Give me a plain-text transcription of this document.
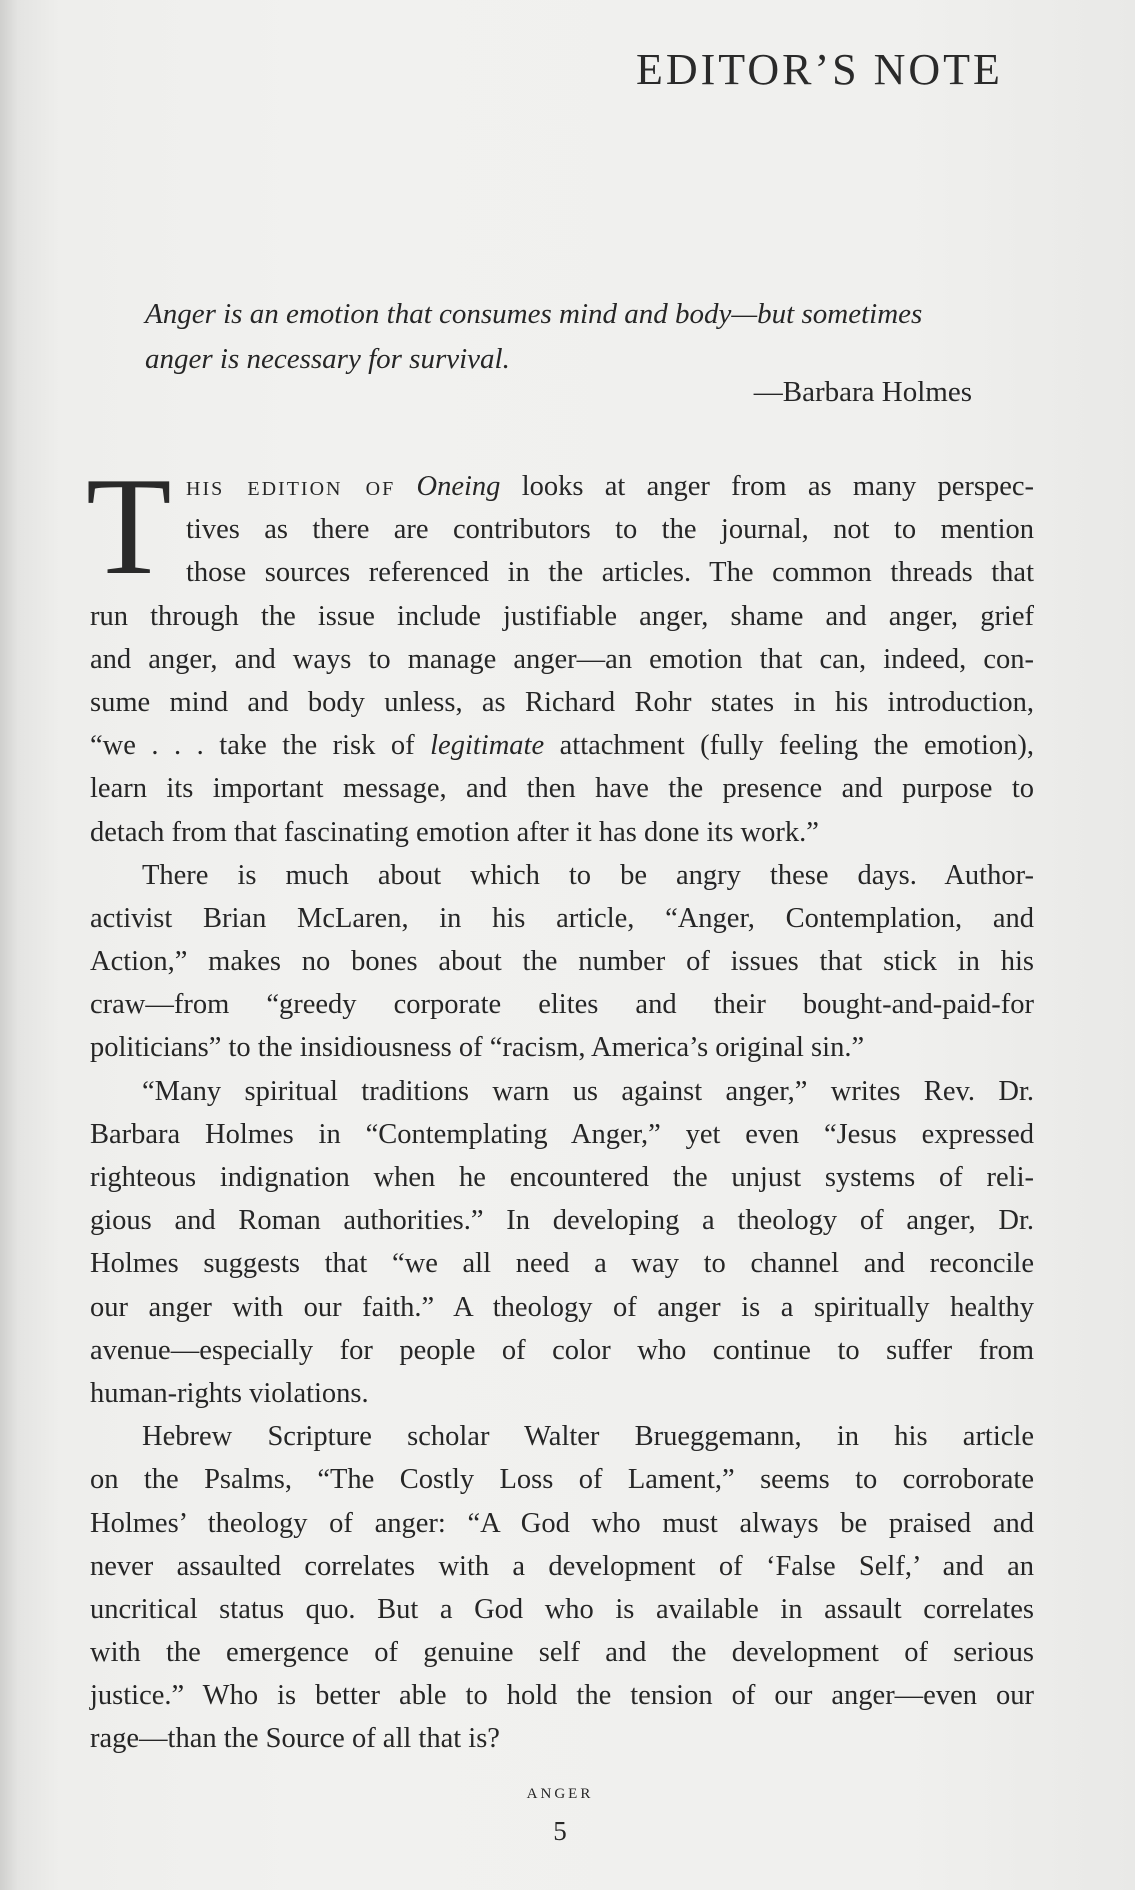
EDITOR’S NOTE
Anger is an emotion that consumes mind and body—but sometimes
anger is necessary for survival.
—Barbara Holmes
T his edition of Oneing looks at anger from as many perspec-
tives as there are contributors to the journal, not to mention
those sources referenced in the articles. The common threads that
run through the issue include justifiable anger, shame and anger, grief
and anger, and ways to manage anger—an emotion that can, indeed, con-
sume mind and body unless, as Richard Rohr states in his introduction,
“we . . . take the risk of legitimate attachment (fully feeling the emotion),
learn its important message, and then have the presence and purpose to
detach from that fascinating emotion after it has done its work.”
There is much about which to be angry these days. Author-
activist Brian McLaren, in his article, “Anger, Contemplation, and
Action,” makes no bones about the number of issues that stick in his
craw—from “greedy corporate elites and their bought-and-paid-for
politicians” to the insidiousness of “racism, America’s original sin.”
“Many spiritual traditions warn us against anger,” writes Rev. Dr.
Barbara Holmes in “Contemplating Anger,” yet even “Jesus expressed
righteous indignation when he encountered the unjust systems of reli-
gious and Roman authorities.” In developing a theology of anger, Dr.
Holmes suggests that “we all need a way to channel and reconcile
our anger with our faith.” A theology of anger is a spiritually healthy
avenue—especially for people of color who continue to suffer from
human-rights violations.
Hebrew Scripture scholar Walter Brueggemann, in his article
on the Psalms, “The Costly Loss of Lament,” seems to corroborate
Holmes’ theology of anger: “A God who must always be praised and
never assaulted correlates with a development of ‘False Self,’ and an
uncritical status quo. But a God who is available in assault correlates
with the emergence of genuine self and the development of serious
justice.” Who is better able to hold the tension of our anger—even our
rage—than the Source of all that is?
ANGER
5
